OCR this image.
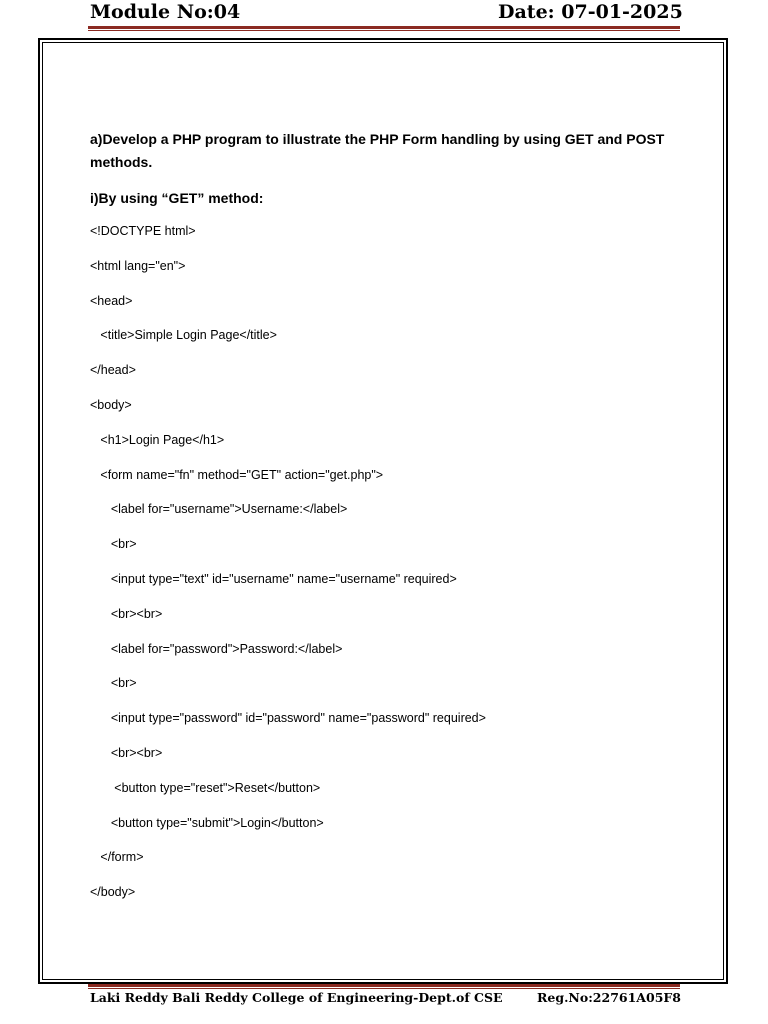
Module No:04	Date: 07-01-2025

a)Develop a PHP program to illustrate the PHP Form handling by using GET and POST methods.

i)By using “GET” method:
<!DOCTYPE html>
<html lang="en">
<head>
<title>Simple Login Page</title>
</head>
<body>
<h1>Login Page</h1>
<form name="fn" method="GET" action="get.php">
<label for="username">Username:</label>
<br>
<input type="text" id="username" name="username" required>
<br><br>
<label for="password">Password:</label>
<br>
<input type="password" id="password" name="password" required>
<br><br>
<button type="reset">Reset</button>
<button type="submit">Login</button>
</form>
</body>
Laki Reddy Bali Reddy College of Engineering-Dept.of CSE	Reg.No:22761A05F8
